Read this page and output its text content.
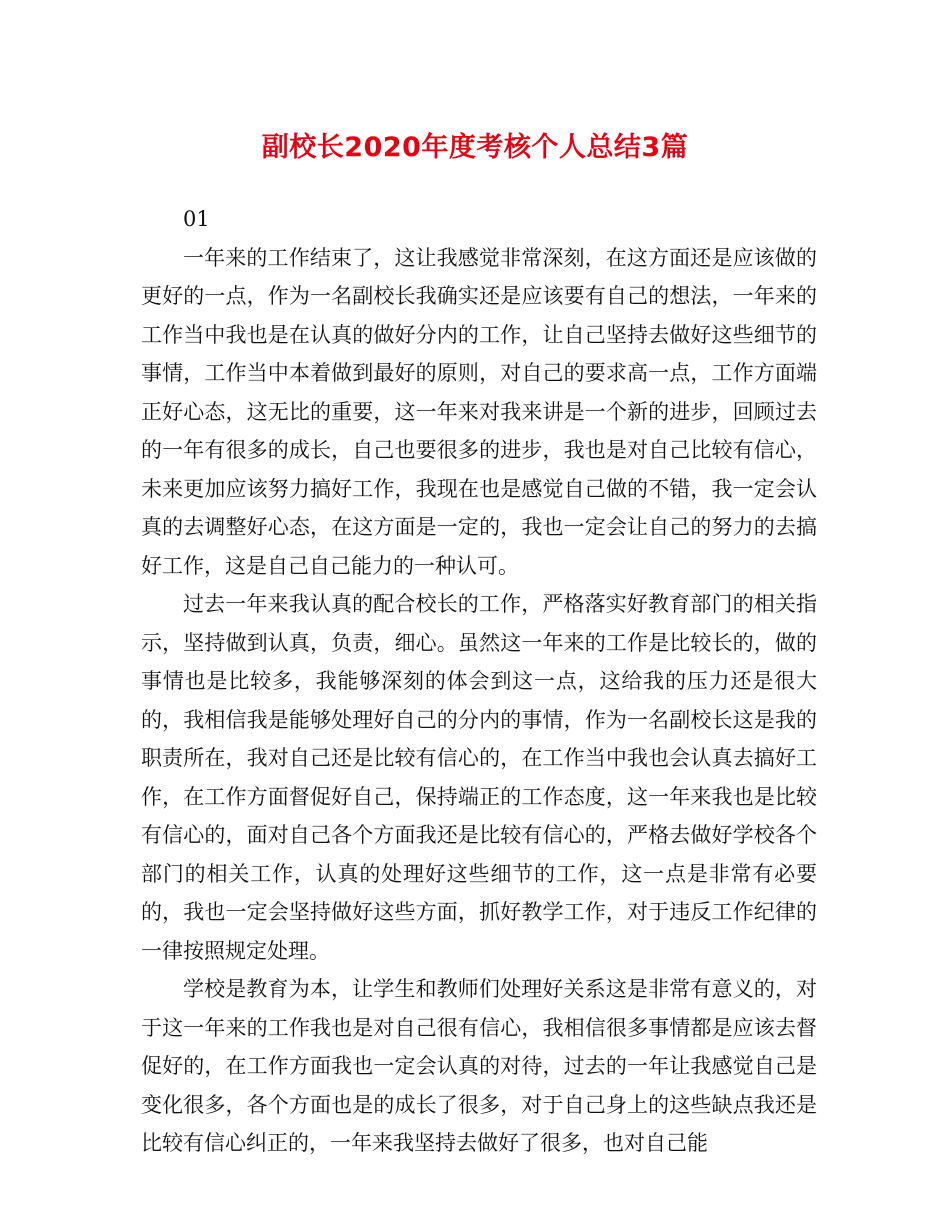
副校长2020年度考核个人总结3篇
01

一年来的工作结束了，这让我感觉非常深刻，在这方面还是应该做的更好的一点，作为一名副校长我确实还是应该要有自己的想法，一年来的工作当中我也是在认真的做好分内的工作，让自己坚持去做好这些细节的事情，工作当中本着做到最好的原则，对自己的要求高一点，工作方面端正好心态，这无比的重要，这一年来对我来讲是一个新的进步，回顾过去的一年有很多的成长，自己也要很多的进步，我也是对自己比较有信心，未来更加应该努力搞好工作，我现在也是感觉自己做的不错，我一定会认真的去调整好心态，在这方面是一定的，我也一定会让自己的努力的去搞好工作，这是自己自己能力的一种认可。

过去一年来我认真的配合校长的工作，严格落实好教育部门的相关指示，坚持做到认真，负责，细心。虽然这一年来的工作是比较长的，做的事情也是比较多，我能够深刻的体会到这一点，这给我的压力还是很大的，我相信我是能够处理好自己的分内的事情，作为一名副校长这是我的职责所在，我对自己还是比较有信心的，在工作当中我也会认真去搞好工作，在工作方面督促好自己，保持端正的工作态度，这一年来我也是比较有信心的，面对自己各个方面我还是比较有信心的，严格去做好学校各个部门的相关工作，认真的处理好这些细节的工作，这一点是非常有必要的，我也一定会坚持做好这些方面，抓好教学工作，对于违反工作纪律的一律按照规定处理。

学校是教育为本，让学生和教师们处理好关系这是非常有意义的，对于这一年来的工作我也是对自己很有信心，我相信很多事情都是应该去督促好的，在工作方面我也一定会认真的对待，过去的一年让我感觉自己是变化很多，各个方面也是的成长了很多，对于自己身上的这些缺点我还是比较有信心纠正的，一年来我坚持去做好了很多，也对自己能
